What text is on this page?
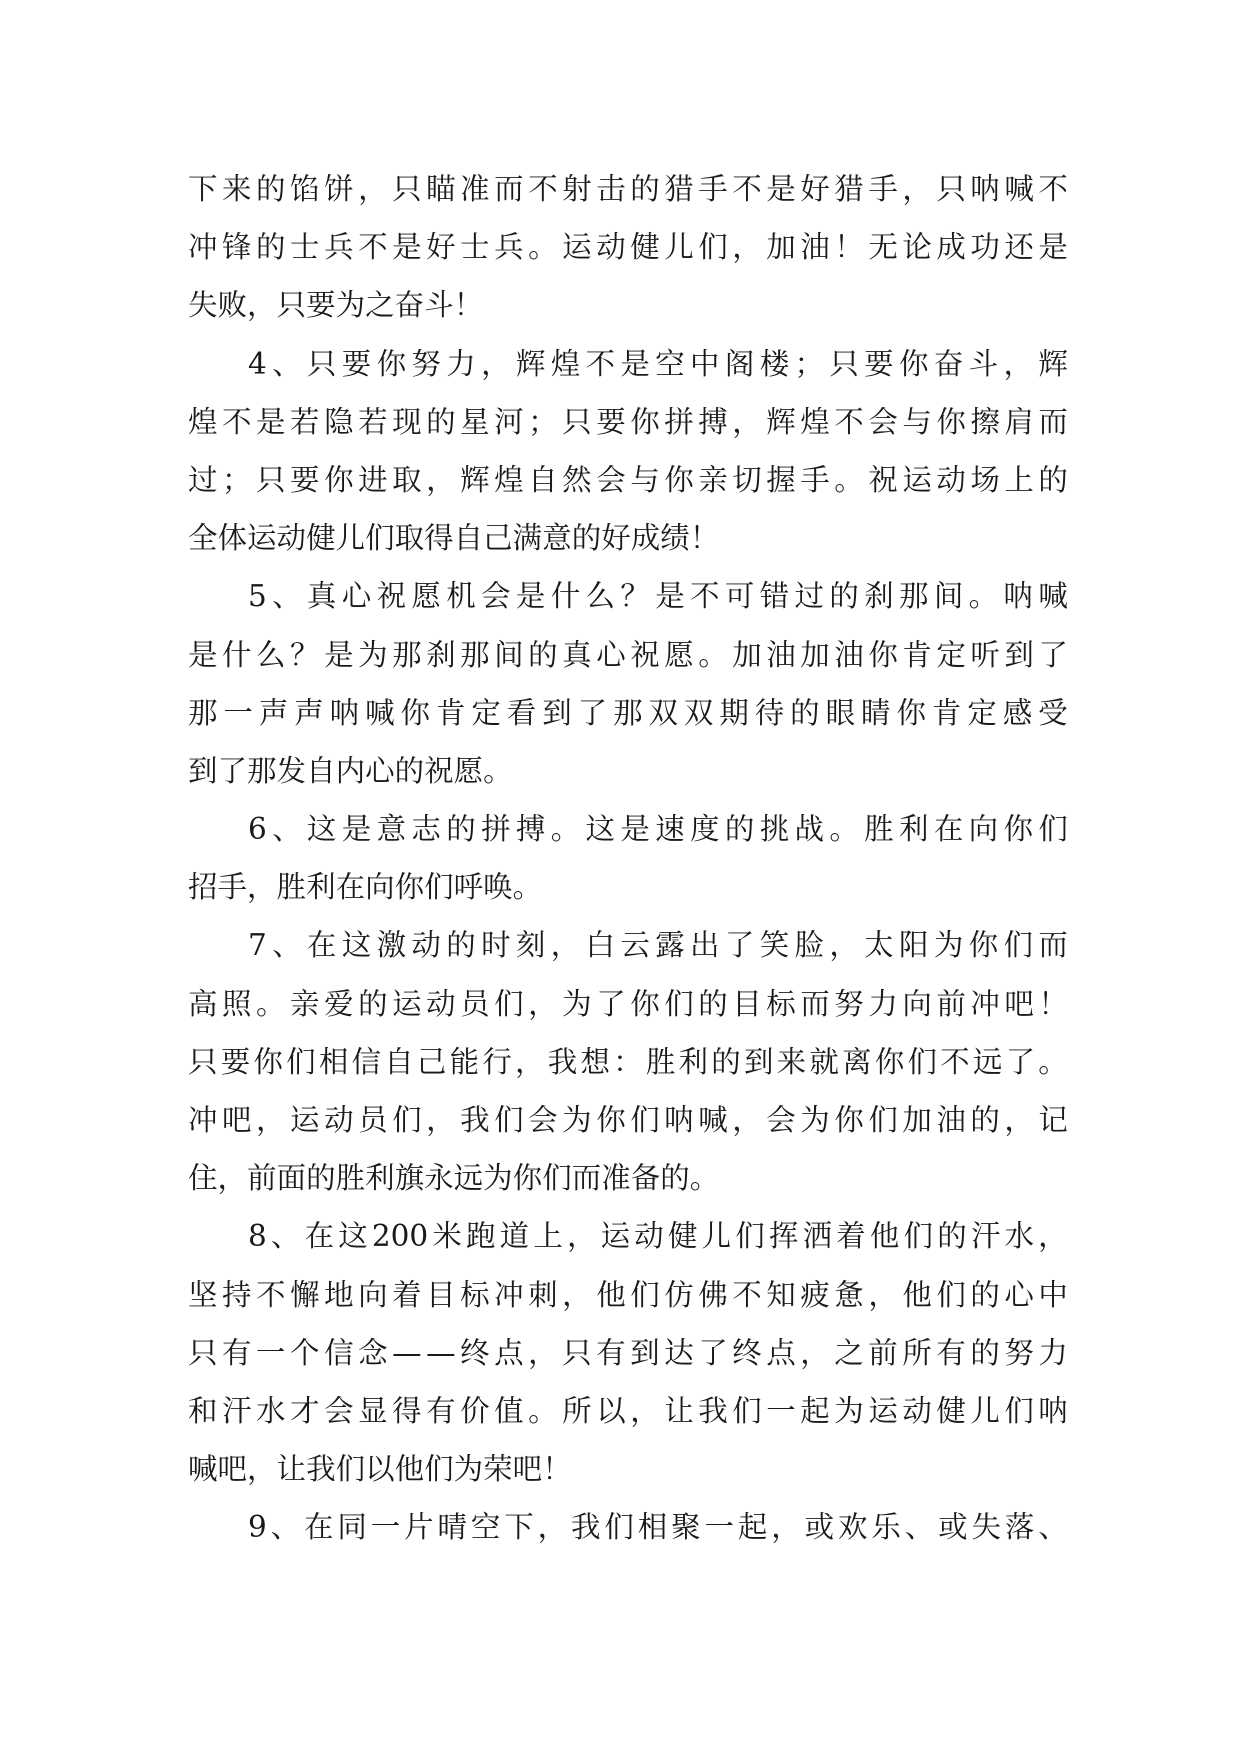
下 来 的 馅 饼 ， 只 瞄 准 而 不 射 击 的 猎 手 不 是 好 猎 手 ， 只 呐 喊 不
冲 锋 的 士 兵 不 是 好 士 兵 。 运 动 健 儿 们 ， 加 油 ！ 无 论 成 功 还 是
失 败 ， 只 要 为 之 奋 斗 ！
4 、 只 要 你 努 力 ， 辉 煌 不 是 空 中 阁 楼 ； 只 要 你 奋 斗 ， 辉
煌 不 是 若 隐 若 现 的 星 河 ； 只 要 你 拼 搏 ， 辉 煌 不 会 与 你 擦 肩 而
过 ； 只 要 你 进 取 ， 辉 煌 自 然 会 与 你 亲 切 握 手 。 祝 运 动 场 上 的
全 体 运 动 健 儿 们 取 得 自 己 满 意 的 好 成 绩 ！
5 、 真 心 祝 愿 机 会 是 什 么 ？ 是 不 可 错 过 的 刹 那 间 。 呐 喊
是 什 么 ？ 是 为 那 刹 那 间 的 真 心 祝 愿 。 加 油 加 油 你 肯 定 听 到 了
那 一 声 声 呐 喊 你 肯 定 看 到 了 那 双 双 期 待 的 眼 睛 你 肯 定 感 受
到 了 那 发 自 内 心 的 祝 愿 。
6 、 这 是 意 志 的 拼 搏 。 这 是 速 度 的 挑 战 。 胜 利 在 向 你 们
招 手 ， 胜 利 在 向 你 们 呼 唤 。
7 、 在 这 激 动 的 时 刻 ， 白 云 露 出 了 笑 脸 ， 太 阳 为 你 们 而
高 照 。 亲 爱 的 运 动 员 们 ， 为 了 你 们 的 目 标 而 努 力 向 前 冲 吧 ！
只 要 你 们 相 信 自 己 能 行 ， 我 想 ： 胜 利 的 到 来 就 离 你 们 不 远 了 。
冲 吧 ， 运 动 员 们 ， 我 们 会 为 你 们 呐 喊 ， 会 为 你 们 加 油 的 ， 记
住 ， 前 面 的 胜 利 旗 永 远 为 你 们 而 准 备 的 。
8 、 在 这 200 米 跑 道 上 ， 运 动 健 儿 们 挥 洒 着 他 们 的 汗 水 ，
坚 持 不 懈 地 向 着 目 标 冲 刺 ， 他 们 仿 佛 不 知 疲 惫 ， 他 们 的 心 中
只 有 一 个 信 念 — — 终 点 ， 只 有 到 达 了 终 点 ， 之 前 所 有 的 努 力
和 汗 水 才 会 显 得 有 价 值 。 所 以 ， 让 我 们 一 起 为 运 动 健 儿 们 呐
喊 吧 ， 让 我 们 以 他 们 为 荣 吧 ！
9 、 在 同 一 片 晴 空 下 ， 我 们 相 聚 一 起 ， 或 欢 乐 、 或 失 落 、
